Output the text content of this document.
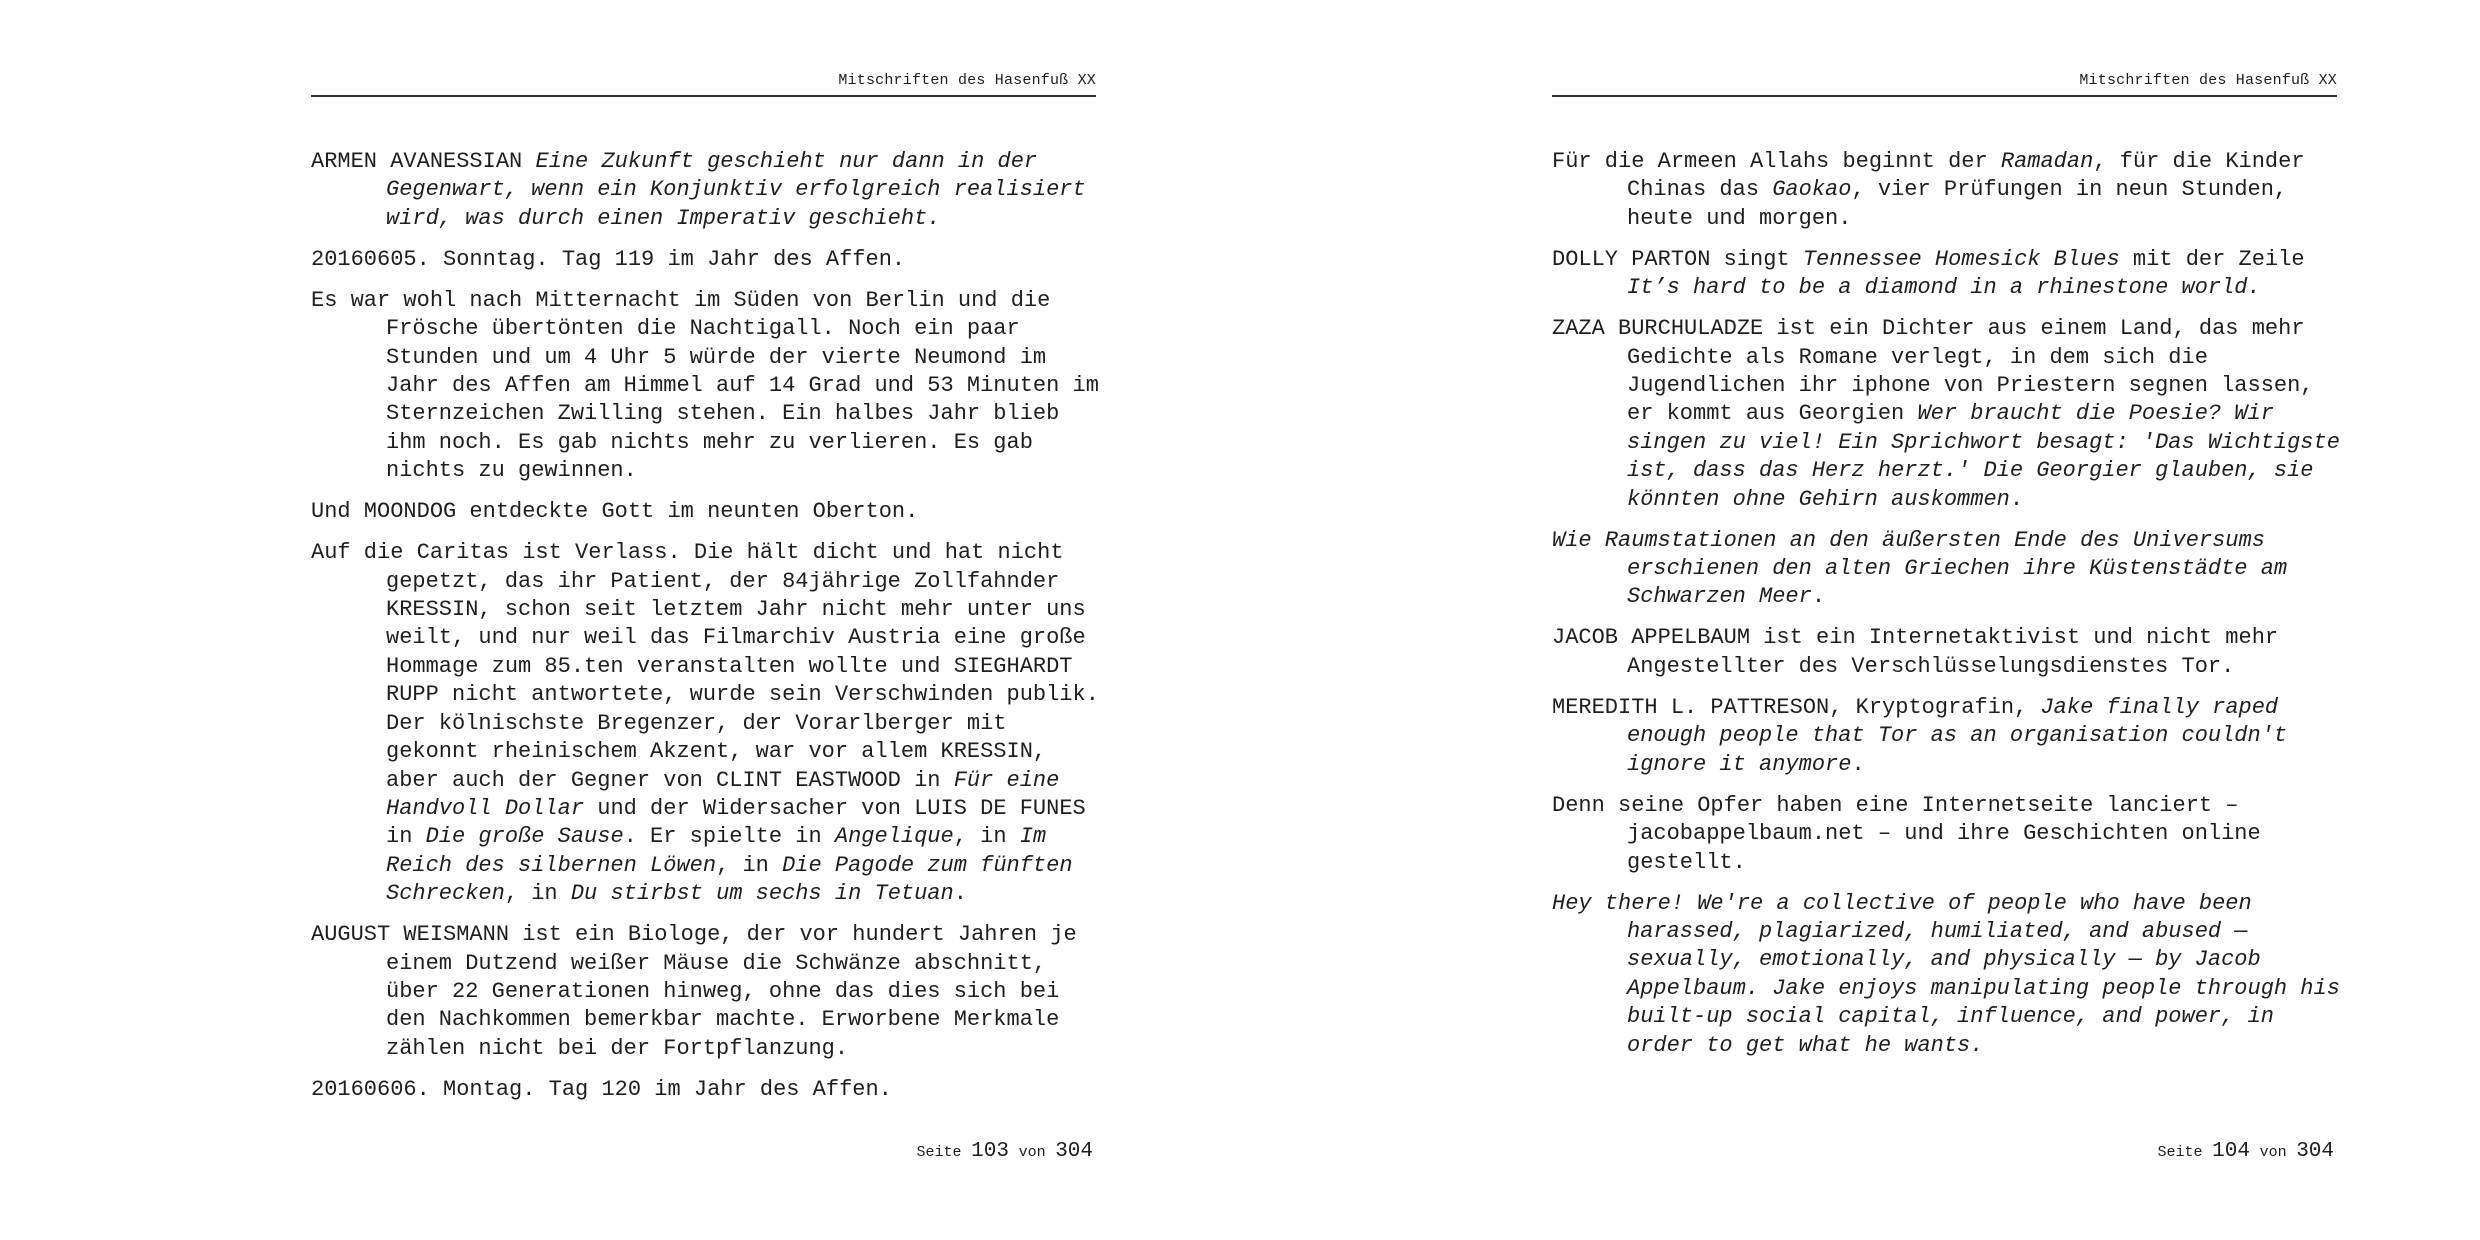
Mitschriften des Hasenfuß XX
ARMEN AVANESSIAN Eine Zukunft geschieht nur dann in der
Gegenwart, wenn ein Konjunktiv erfolgreich realisiert
wird, was durch einen Imperativ geschieht.
20160605. Sonntag. Tag 119 im Jahr des Affen.
Es war wohl nach Mitternacht im Süden von Berlin und die
Frösche übertönten die Nachtigall. Noch ein paar
Stunden und um 4 Uhr 5 würde der vierte Neumond im
Jahr des Affen am Himmel auf 14 Grad und 53 Minuten im
Sternzeichen Zwilling stehen. Ein halbes Jahr blieb
ihm noch. Es gab nichts mehr zu verlieren. Es gab
nichts zu gewinnen.
Und MOONDOG entdeckte Gott im neunten Oberton.
Auf die Caritas ist Verlass. Die hält dicht und hat nicht
gepetzt, das ihr Patient, der 84jährige Zollfahnder
KRESSIN, schon seit letztem Jahr nicht mehr unter uns
weilt, und nur weil das Filmarchiv Austria eine große
Hommage zum 85.ten veranstalten wollte und SIEGHARDT
RUPP nicht antwortete, wurde sein Verschwinden publik.
Der kölnischste Bregenzer, der Vorarlberger mit
gekonnt rheinischem Akzent, war vor allem KRESSIN,
aber auch der Gegner von CLINT EASTWOOD in Für eine
Handvoll Dollar und der Widersacher von LUIS DE FUNES
in Die große Sause. Er spielte in Angelique, in Im
Reich des silbernen Löwen, in Die Pagode zum fünften
Schrecken, in Du stirbst um sechs in Tetuan.
AUGUST WEISMANN ist ein Biologe, der vor hundert Jahren je
einem Dutzend weißer Mäuse die Schwänze abschnitt,
über 22 Generationen hinweg, ohne das dies sich bei
den Nachkommen bemerkbar machte. Erworbene Merkmale
zählen nicht bei der Fortpflanzung.
20160606. Montag. Tag 120 im Jahr des Affen.
Seite 103 von 304
Mitschriften des Hasenfuß XX
Für die Armeen Allahs beginnt der Ramadan, für die Kinder
Chinas das Gaokao, vier Prüfungen in neun Stunden,
heute und morgen.
DOLLY PARTON singt Tennessee Homesick Blues mit der Zeile
It’s hard to be a diamond in a rhinestone world.
ZAZA BURCHULADZE ist ein Dichter aus einem Land, das mehr
Gedichte als Romane verlegt, in dem sich die
Jugendlichen ihr iphone von Priestern segnen lassen,
er kommt aus Georgien Wer braucht die Poesie? Wir
singen zu viel! Ein Sprichwort besagt: 'Das Wichtigste
ist, dass das Herz herzt.' Die Georgier glauben, sie
könnten ohne Gehirn auskommen.
Wie Raumstationen an den äußersten Ende des Universums
erschienen den alten Griechen ihre Küstenstädte am
Schwarzen Meer.
JACOB APPELBAUM ist ein Internetaktivist und nicht mehr
Angestellter des Verschlüsselungsdienstes Tor.
MEREDITH L. PATTRESON, Kryptografin, Jake finally raped
enough people that Tor as an organisation couldn't
ignore it anymore.
Denn seine Opfer haben eine Internetseite lanciert –
jacobappelbaum.net – und ihre Geschichten online
gestellt.
Hey there! We're a collective of people who have been
harassed, plagiarized, humiliated, and abused —
sexually, emotionally, and physically — by Jacob
Appelbaum. Jake enjoys manipulating people through his
built-up social capital, influence, and power, in
order to get what he wants.
Seite 104 von 304
